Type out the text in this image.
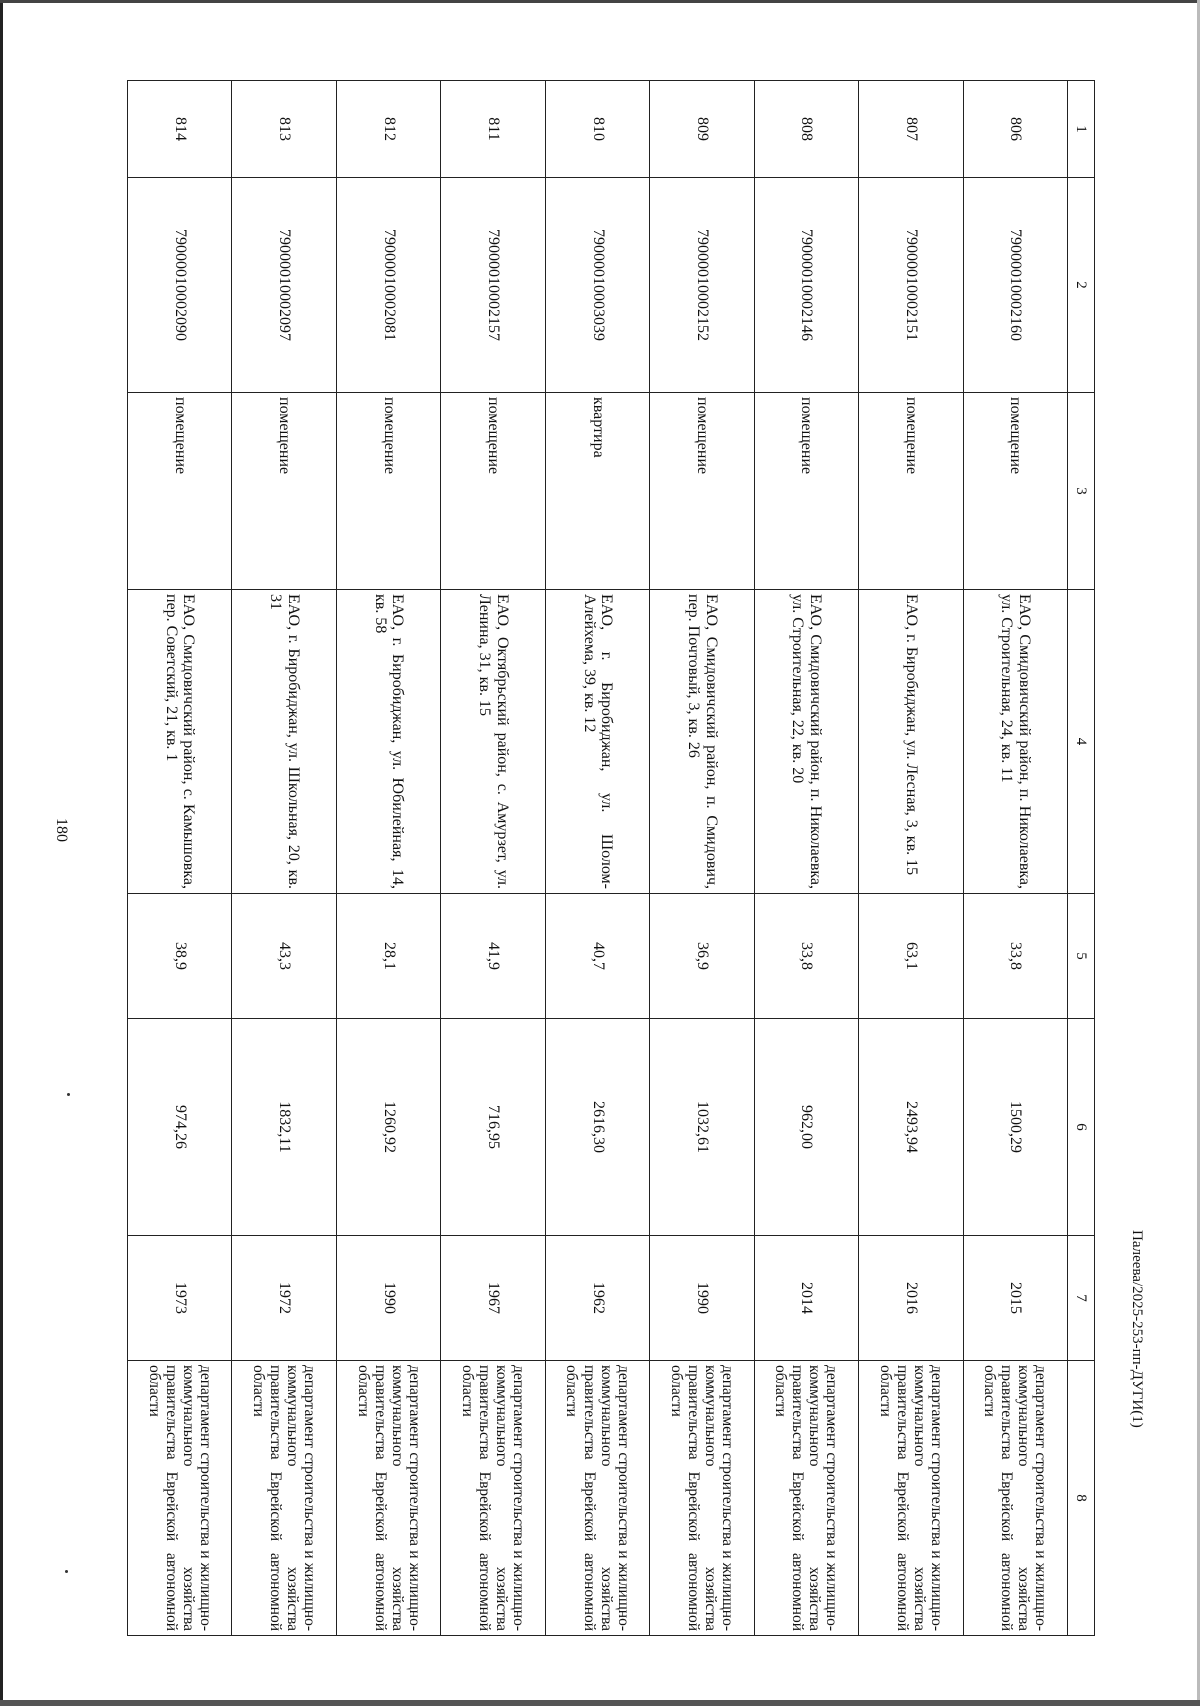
180
Палеева/2025-253-пп-ДУГИ(1)
1	2	3	4	5	6	7	8
806	79000010002160	помещение	ЕАО, Смидовичский район, п. Николаевка, ул. Строительная, 24, кв. 11	33,8	1500,29	2015	департамент строительства и жилищно-коммунального хозяйства правительства Еврейской автономной области
807	79000010002151	помещение	ЕАО, г. Биробиджан, ул. Лесная, 3, кв. 15	63,1	2493,94	2016	департамент строительства и жилищно-коммунального хозяйства правительства Еврейской автономной области
808	79000010002146	помещение	ЕАО, Смидовичский район, п. Николаевка, ул. Строительная, 22, кв. 20	33,8	962,00	2014	департамент строительства и жилищно-коммунального хозяйства правительства Еврейской автономной области
809	79000010002152	помещение	ЕАО, Смидовичский район, п. Смидович, пер. Почтовый, 3, кв. 26	36,9	1032,61	1990	департамент строительства и жилищно-коммунального хозяйства правительства Еврейской автономной области
810	79000010003039	квартира	ЕАО, г. Биробиджан, ул. Шолом-Алейхема, 39, кв. 12	40,7	2616,30	1962	департамент строительства и жилищно-коммунального хозяйства правительства Еврейской автономной области
811	79000010002157	помещение	ЕАО, Октябрьский район, с. Амурзет, ул. Ленина, 31, кв. 15	41,9	716,95	1967	департамент строительства и жилищно-коммунального хозяйства правительства Еврейской автономной области
812	79000010002081	помещение	ЕАО, г. Биробиджан, ул. Юбилейная, 14, кв. 58	28,1	1260,92	1990	департамент строительства и жилищно-коммунального хозяйства правительства Еврейской автономной области
813	79000010002097	помещение	ЕАО, г. Биробиджан, ул. Школьная, 20, кв. 31	43,3	1832,11	1972	департамент строительства и жилищно-коммунального хозяйства правительства Еврейской автономной области
814	79000010002090	помещение	ЕАО, Смидовичский район, с. Камышовка, пер. Советский, 21, кв. 1	38,9	974,26	1973	департамент строительства и жилищно-коммунального хозяйства правительства Еврейской автономной области
